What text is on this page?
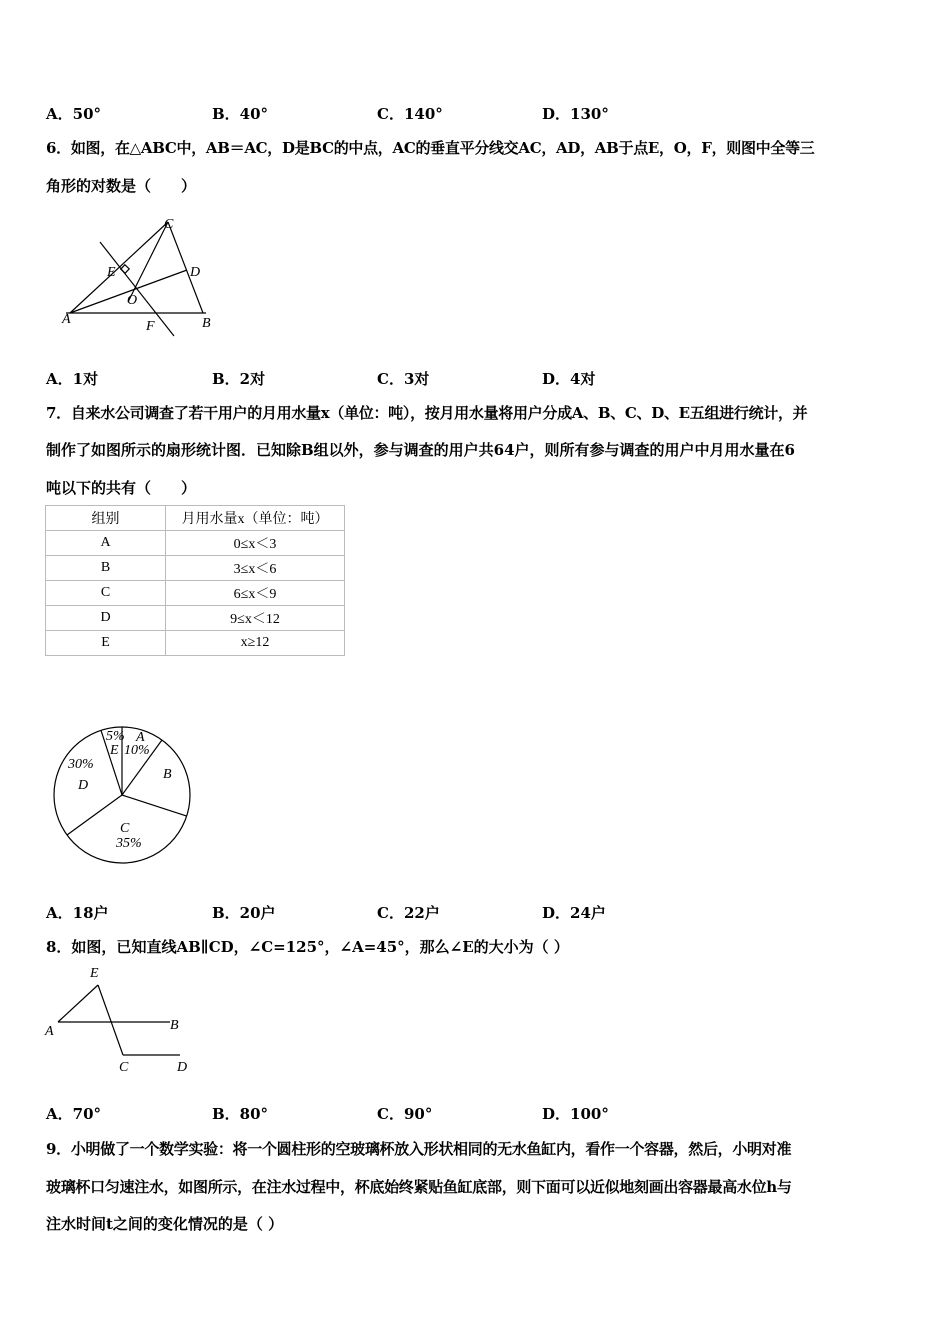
A．50°	B．40°	C．140°	D．130°
6．如图，在△ABC中，AB＝AC，D是BC的中点，AC的垂直平分线交AC，AD，AB于点E，O，F，则图中全等三
角形的对数是（　　）
C
D
E
O
A	B
F
A
10%
B
C
35%
30%
D
5%
E
E
A	B
C	D
A．1对	B．2对	C．3对	D．4对
7．自来水公司调查了若干用户的月用水量x（单位：吨），按月用水量将用户分成A、B、C、D、E五组进行统计，并
制作了如图所示的扇形统计图．已知除B组以外，参与调查的用户共64户，则所有参与调查的用户中月用水量在6
吨以下的共有（　　）
组别	月用水量x（单位：吨）
A	0≤x＜3
B	3≤x＜6
C	6≤x＜9
D	9≤x＜12
E	x≥12
A．18户	B．20户	C．22户	D．24户
8．如图，已知直线AB∥CD，∠C=125°，∠A=45°，那么∠E的大小为（ ）
A．70°	B．80°	C．90°	D．100°
9．小明做了一个数学实验：将一个圆柱形的空玻璃杯放入形状相同的无水鱼缸内，看作一个容器，然后，小明对准
玻璃杯口匀速注水，如图所示，在注水过程中，杯底始终紧贴鱼缸底部，则下面可以近似地刻画出容器最高水位h与
注水时间t之间的变化情况的是（ ）
